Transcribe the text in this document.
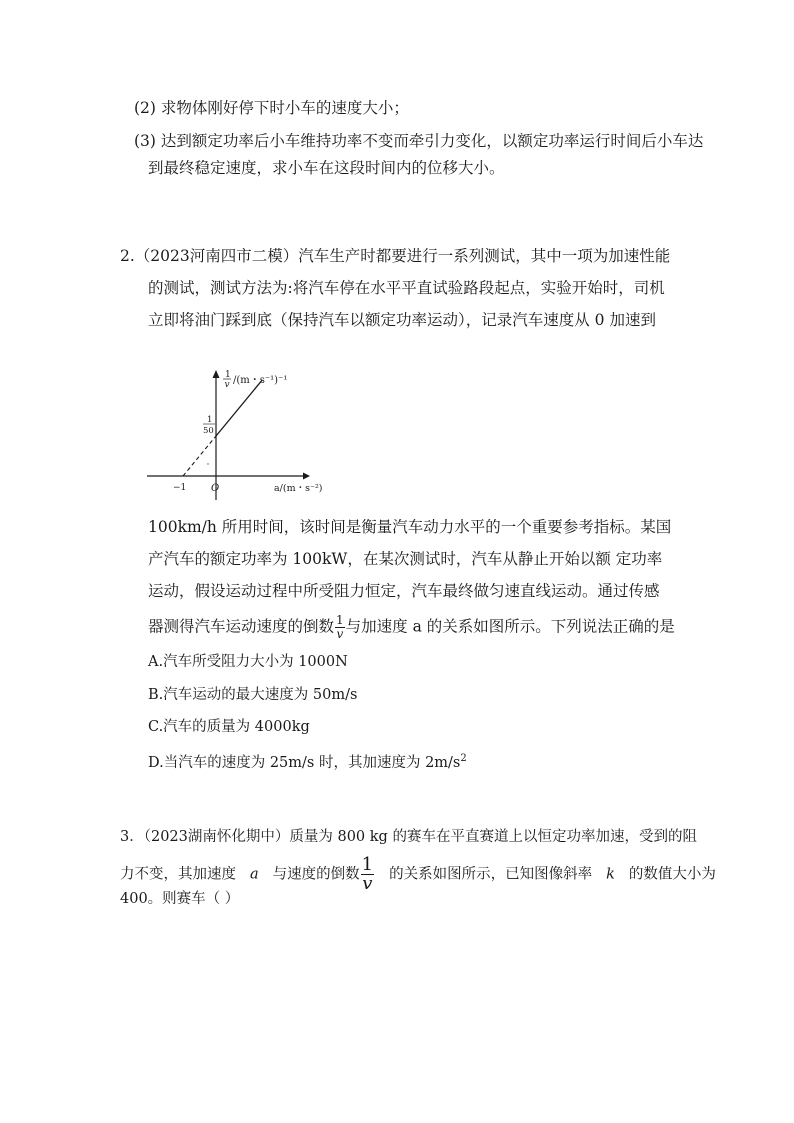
(2) 求物体刚好停下时小车的速度大小；
(3) 达到额定功率后小车维持功率不变而牵引力变化，以额定功率运行时间后小车达
到最终稳定速度，求小车在这段时间内的位移大小。
2.（2023河南四市二模）汽车生产时都要进行一系列测试，其中一项为加速性能
的测试，测试方法为:将汽车停在水平平直试验路段起点，实验开始时，司机
立即将油门踩到底（保持汽车以额定功率运动），记录汽车速度从 0 加速到
1
v /(m・s⁻¹)⁻¹
1
50
−1 O	a/(m・s⁻²)
100km/h 所用时间，该时间是衡量汽车动力水平的一个重要参考指标。某国
产汽车的额定功率为 100kW，在某次测试时，汽车从静止开始以额 定功率
运动，假设运动过程中所受阻力恒定，汽车最终做匀速直线运动。通过传感
器测得汽车运动速度的倒数 $\frac{1}{v}$ 与加速度 a 的关系如图所示。下列说法正确的是
A.汽车所受阻力大小为 1000N
B.汽车运动的最大速度为 50m/s
C.汽车的质量为 4000kg
D.当汽车的速度为 25m/s 时，其加速度为 $2m/s^2$
3．（2023湖南怀化期中）质量为 800 kg 的赛车在平直赛道上以恒定功率加速，受到的阻
力不变，其加速度 a 与速度的倒数 $\frac{1}{v}$ 的关系如图所示，已知图像斜率 k 的数值大小为
400。则赛车（ ）
